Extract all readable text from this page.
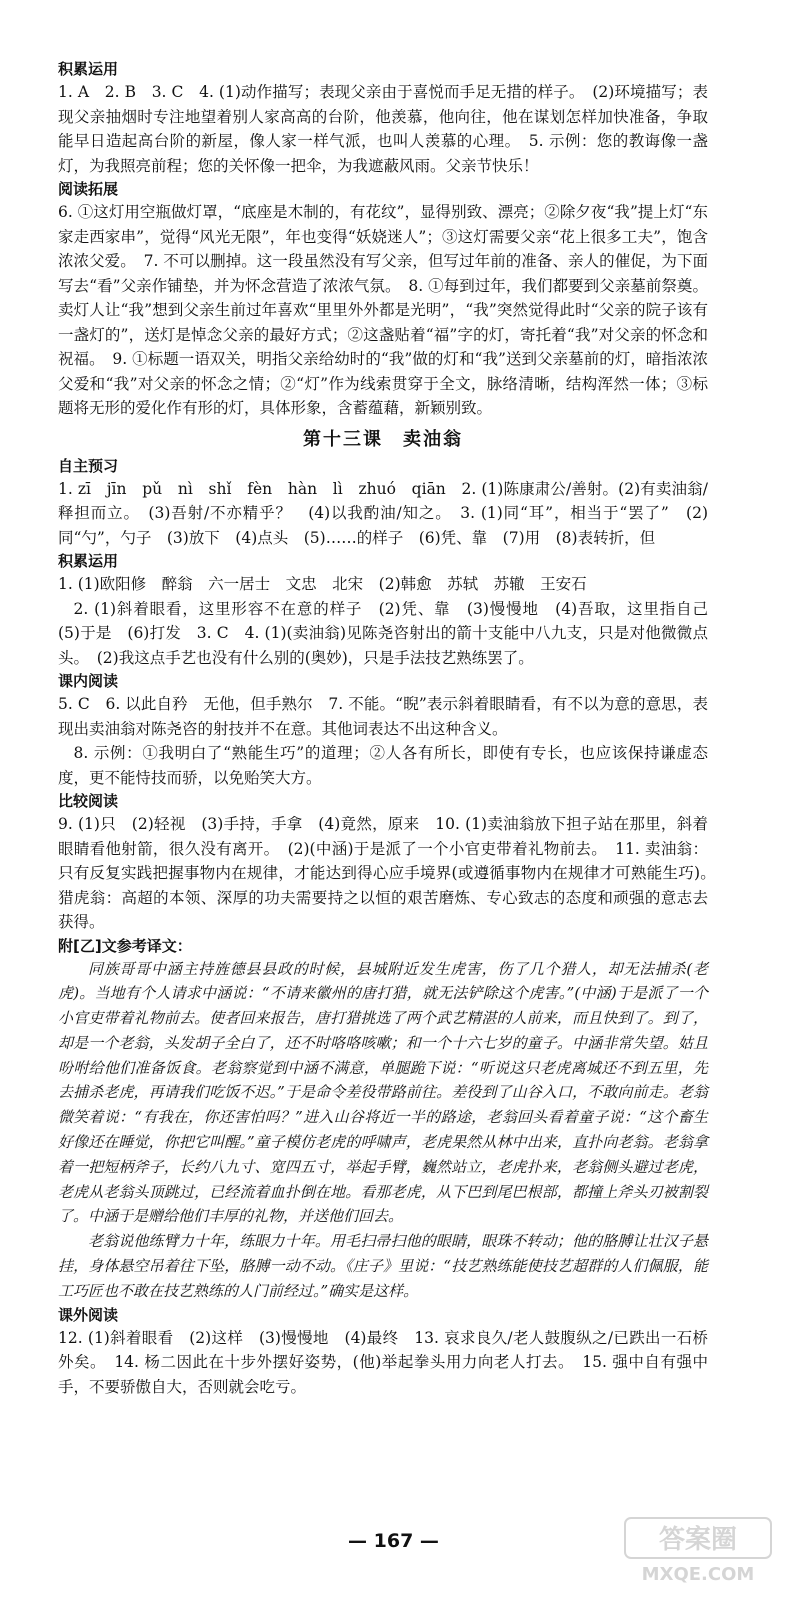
积累运用

1. A　2. B　3. C　4. (1)动作描写；表现父亲由于喜悦而手足无措的样子。　(2)环境描写；表现父亲抽烟时专注地望着别人家高高的台阶，他羡慕，他向往，他在谋划怎样加快准备，争取能早日造起高台阶的新屋，像人家一样气派，也叫人羡慕的心理。　5. 示例：您的教诲像一盏灯，为我照亮前程；您的关怀像一把伞，为我遮蔽风雨。父亲节快乐！

阅读拓展

6. ①这灯用空瓶做灯罩，“底座是木制的，有花纹”，显得别致、漂亮；②除夕夜“我”提上灯“东家走西家串”，觉得“风光无限”，年也变得“妖娆迷人”；③这灯需要父亲“花上很多工夫”，饱含浓浓父爱。　7. 不可以删掉。这一段虽然没有写父亲，但写过年前的准备、亲人的催促，为下面写去“看”父亲作铺垫，并为怀念营造了浓浓气氛。　8. ①每到过年，我们都要到父亲墓前祭奠。卖灯人让“我”想到父亲生前过年喜欢“里里外外都是光明”，“我”突然觉得此时“父亲的院子该有一盏灯的”，送灯是悼念父亲的最好方式；②这盏贴着“福”字的灯，寄托着“我”对父亲的怀念和祝福。　9. ①标题一语双关，明指父亲给幼时的“我”做的灯和“我”送到父亲墓前的灯，暗指浓浓父爱和“我”对父亲的怀念之情；②“灯”作为线索贯穿于全文，脉络清晰，结构浑然一体；③标题将无形的爱化作有形的灯，具体形象，含蓄蕴藉，新颖别致。

第十三课　卖油翁

自主预习

1. zī　jīn　pǔ　nì　shǐ　fèn　hàn　lì　zhuó　qiān　2. (1)陈康肃公/善射。(2)有卖油翁/释担而立。　(3)吾射/不亦精乎？　(4)以我酌油/知之。　3. (1)同“耳”，相当于“罢了”　(2)同“勺”，勺子　(3)放下　(4)点头　(5)……的样子　(6)凭、靠　(7)用　(8)表转折，但

积累运用

1. (1)欧阳修　醉翁　六一居士　文忠　北宋　(2)韩愈　苏轼　苏辙　王安石

2. (1)斜着眼看，这里形容不在意的样子　(2)凭、靠　(3)慢慢地　(4)吾取，这里指自己　(5)于是　(6)打发　3. C　4. (1)(卖油翁)见陈尧咨射出的箭十支能中八九支，只是对他微微点头。　(2)我这点手艺也没有什么别的(奥妙)，只是手法技艺熟练罢了。

课内阅读

5. C　6. 以此自矜　无他，但手熟尔　7. 不能。“睨”表示斜着眼睛看，有不以为意的意思，表现出卖油翁对陈尧咨的射技并不在意。其他词表达不出这种含义。

8. 示例：①我明白了“熟能生巧”的道理；②人各有所长，即使有专长，也应该保持谦虚态度，更不能恃技而骄，以免贻笑大方。

比较阅读

9. (1)只　(2)轻视　(3)手持，手拿　(4)竟然，原来　10. (1)卖油翁放下担子站在那里，斜着眼睛看他射箭，很久没有离开。　(2)(中涵)于是派了一个小官吏带着礼物前去。　11. 卖油翁：只有反复实践把握事物内在规律，才能达到得心应手境界(或遵循事物内在规律才可熟能生巧)。　猎虎翁：高超的本领、深厚的功夫需要持之以恒的艰苦磨炼、专心致志的态度和顽强的意志去获得。

附[乙]文参考译文：

同族哥哥中涵主持旌德县县政的时候，县城附近发生虎害，伤了几个猎人，却无法捕杀(老虎)。当地有个人请求中涵说：“不请来徽州的唐打猎，就无法铲除这个虎害。”(中涵)于是派了一个小官吏带着礼物前去。使者回来报告，唐打猎挑选了两个武艺精湛的人前来，而且快到了。到了，却是一个老翁，头发胡子全白了，还不时咯咯咳嗽；和一个十六七岁的童子。中涵非常失望。姑且吩咐给他们准备饭食。老翁察觉到中涵不满意，单腿跪下说：“听说这只老虎离城还不到五里，先去捕杀老虎，再请我们吃饭不迟。”于是命令差役带路前往。差役到了山谷入口，不敢向前走。老翁微笑着说：“有我在，你还害怕吗？”进入山谷将近一半的路途，老翁回头看着童子说：“这个畜生好像还在睡觉，你把它叫醒。”童子模仿老虎的呼啸声，老虎果然从林中出来，直扑向老翁。老翁拿着一把短柄斧子，长约八九寸、宽四五寸，举起手臂，巍然站立，老虎扑来，老翁侧头避过老虎，老虎从老翁头顶跳过，已经流着血扑倒在地。看那老虎，从下巴到尾巴根部，都撞上斧头刃被割裂了。中涵于是赠给他们丰厚的礼物，并送他们回去。

老翁说他练臂力十年，练眼力十年。用毛扫帚扫他的眼睛，眼珠不转动；他的胳膊让壮汉子悬挂，身体悬空吊着往下坠，胳膊一动不动。《庄子》里说：“技艺熟练能使技艺超群的人们佩服，能工巧匠也不敢在技艺熟练的人门前经过。”确实是这样。

课外阅读

12. (1)斜着眼看　(2)这样　(3)慢慢地　(4)最终　13. 哀求良久/老人鼓腹纵之/已跌出一石桥外矣。　14. 杨二因此在十步外摆好姿势，(他)举起拳头用力向老人打去。　15. 强中自有强中手，不要骄傲自大，否则就会吃亏。

— 167 —	答案圈
MXQE.COM
